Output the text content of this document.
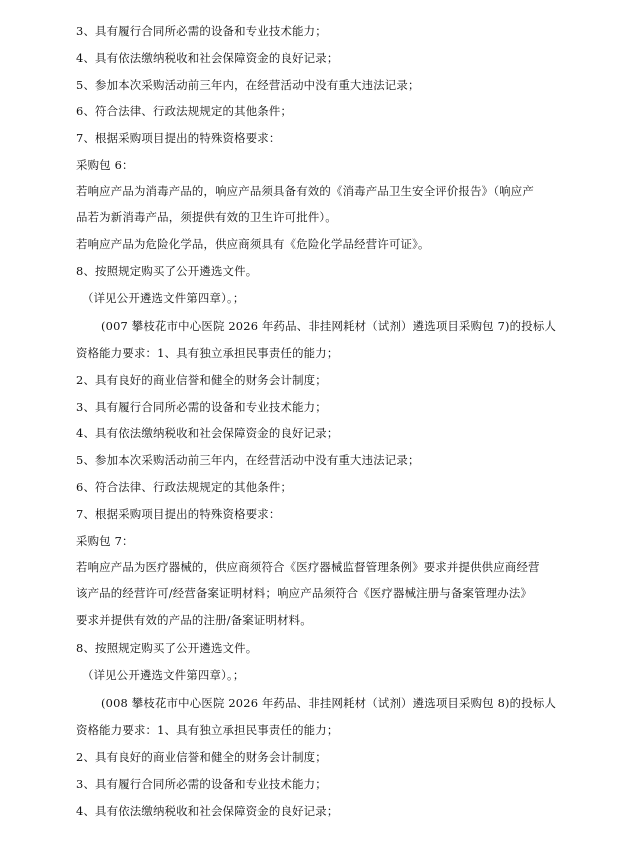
3、具有履行合同所必需的设备和专业技术能力；

4、具有依法缴纳税收和社会保障资金的良好记录；

5、参加本次采购活动前三年内，在经营活动中没有重大违法记录；

6、符合法律、行政法规规定的其他条件；

7、根据采购项目提出的特殊资格要求：

采购包 6：

若响应产品为消毒产品的，响应产品须具备有效的《消毒产品卫生安全评价报告》（响应产

品若为新消毒产品，须提供有效的卫生许可批件）。

若响应产品为危险化学品，供应商须具有《危险化学品经营许可证》。

8、按照规定购买了公开遴选文件。

（详见公开遴选文件第四章）。；

(007 攀枝花市中心医院 2026 年药品、非挂网耗材（试剂）遴选项目采购包 7)的投标人

资格能力要求：1、具有独立承担民事责任的能力；

2、具有良好的商业信誉和健全的财务会计制度；

3、具有履行合同所必需的设备和专业技术能力；

4、具有依法缴纳税收和社会保障资金的良好记录；

5、参加本次采购活动前三年内，在经营活动中没有重大违法记录；

6、符合法律、行政法规规定的其他条件；

7、根据采购项目提出的特殊资格要求：

采购包 7：

若响应产品为医疗器械的，供应商须符合《医疗器械监督管理条例》要求并提供供应商经营

该产品的经营许可/经营备案证明材料；响应产品须符合《医疗器械注册与备案管理办法》

要求并提供有效的产品的注册/备案证明材料。

8、按照规定购买了公开遴选文件。

（详见公开遴选文件第四章）。；

(008 攀枝花市中心医院 2026 年药品、非挂网耗材（试剂）遴选项目采购包 8)的投标人

资格能力要求：1、具有独立承担民事责任的能力；

2、具有良好的商业信誉和健全的财务会计制度；

3、具有履行合同所必需的设备和专业技术能力；

4、具有依法缴纳税收和社会保障资金的良好记录；
